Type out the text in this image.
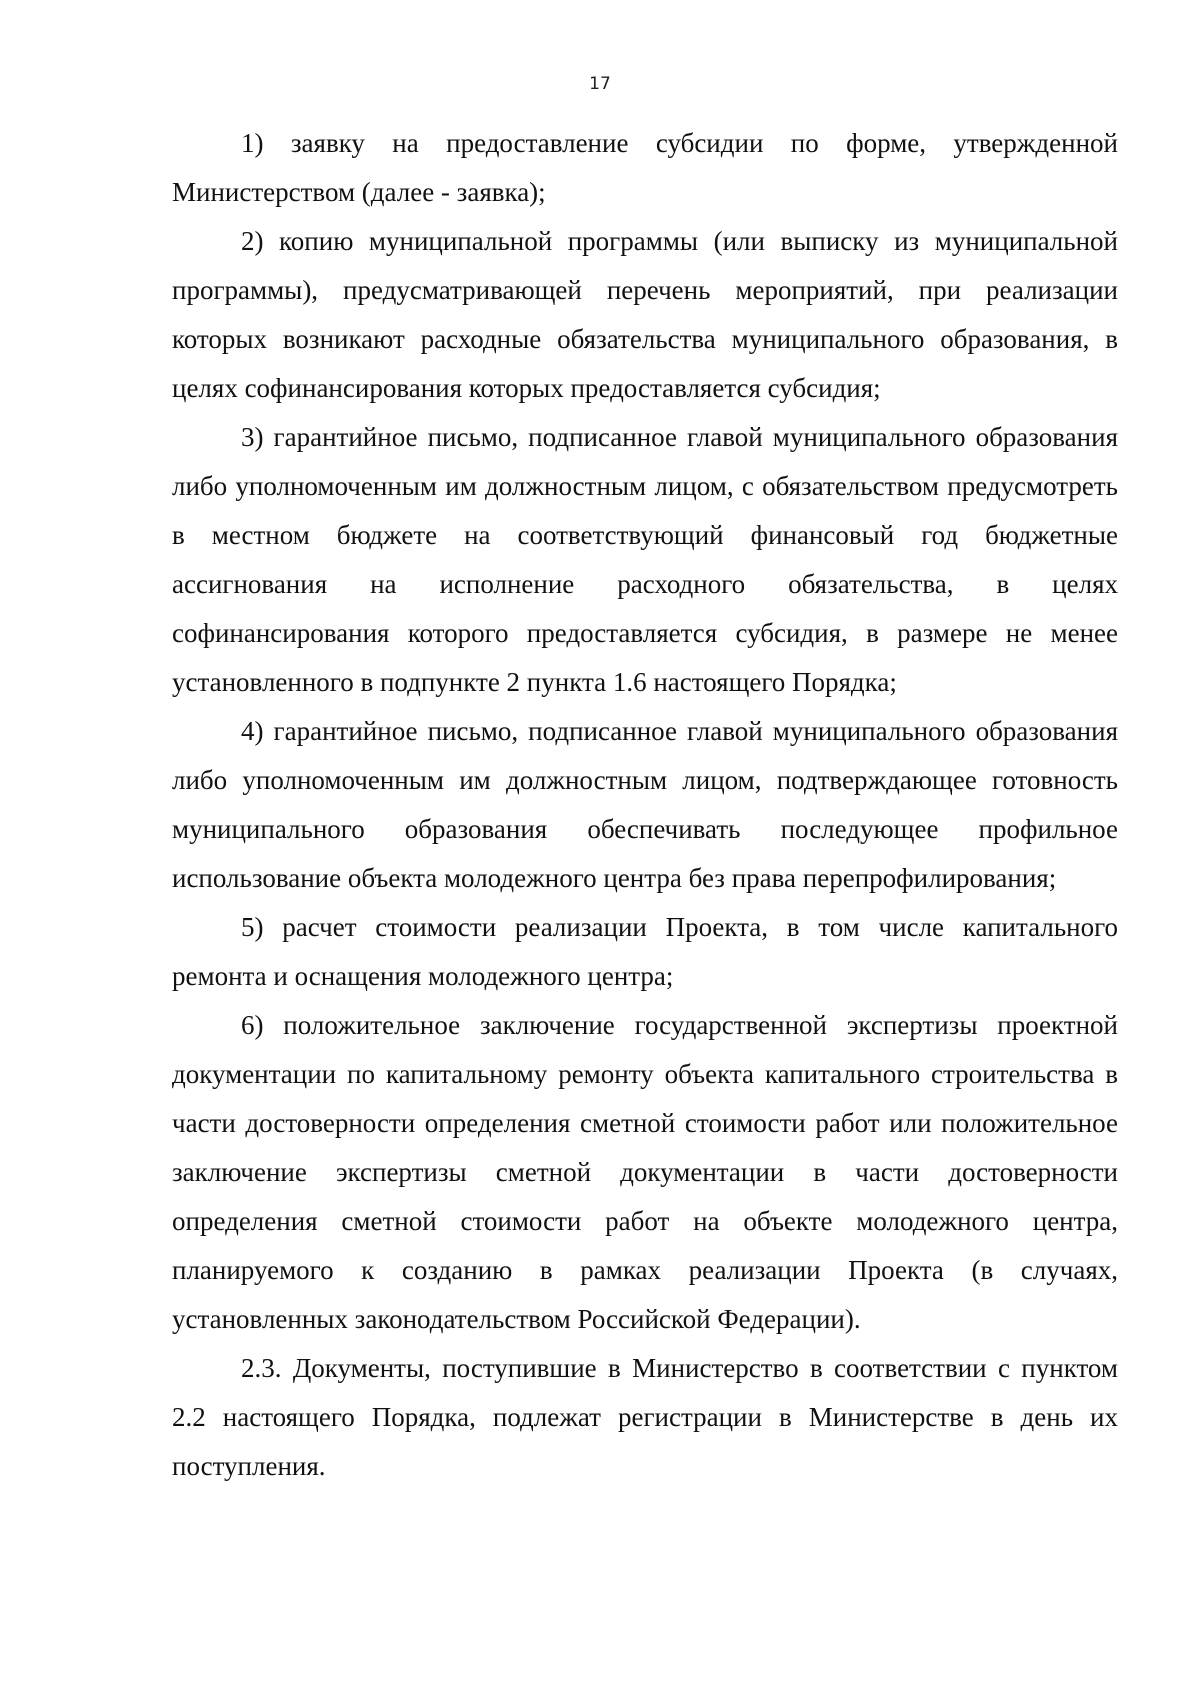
17

1) заявку на предоставление субсидии по форме, утвержденной Министерством (далее - заявка);

2) копию муниципальной программы (или выписку из муниципальной программы), предусматривающей перечень мероприятий, при реализации которых возникают расходные обязательства муниципального образования, в целях софинансирования которых предоставляется субсидия;

3) гарантийное письмо, подписанное главой муниципального образования либо уполномоченным им должностным лицом, с обязательством предусмотреть в местном бюджете на соответствующий финансовый год бюджетные ассигнования на исполнение расходного обязательства, в целях софинансирования которого предоставляется субсидия, в размере не менее установленного в подпункте 2 пункта 1.6 настоящего Порядка;

4) гарантийное письмо, подписанное главой муниципального образования либо уполномоченным им должностным лицом, подтверждающее готовность муниципального образования обеспечивать последующее профильное использование объекта молодежного центра без права перепрофилирования;

5) расчет стоимости реализации Проекта, в том числе капитального ремонта и оснащения молодежного центра;

6) положительное заключение государственной экспертизы проектной документации по капитальному ремонту объекта капитального строительства в части достоверности определения сметной стоимости работ или положительное заключение экспертизы сметной документации в части достоверности определения сметной стоимости работ на объекте молодежного центра, планируемого к созданию в рамках реализации Проекта (в случаях, установленных законодательством Российской Федерации).

2.3. Документы, поступившие в Министерство в соответствии с пунктом 2.2 настоящего Порядка, подлежат регистрации в Министерстве в день их поступления.
